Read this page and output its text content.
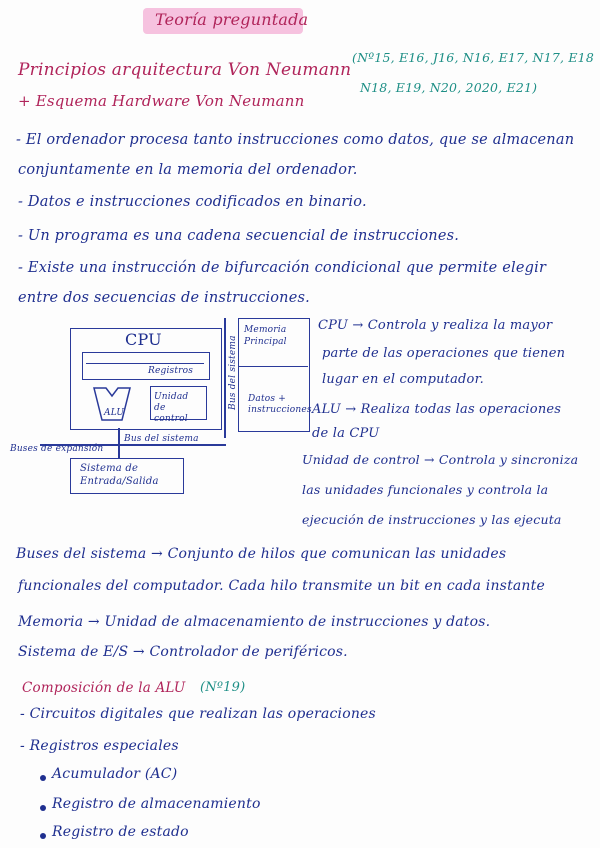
Teoría preguntada
Principios arquitectura Von Neumann
+ Esquema Hardware Von Neumann
(Nº15, E16, J16, N16, E17, N17, E18
N18, E19, N20, 2020, E21)
- El ordenador procesa tanto instrucciones como datos, que se almacenan
conjuntamente en la memoria del ordenador.
- Datos e instrucciones codificados en binario.
- Un programa es una cadena secuencial de instrucciones.
- Existe una instrucción de bifurcación condicional que permite elegir
entre dos secuencias de instrucciones.
CPU
Registros
ALU
Unidad de control
Memoria Principal
Datos + instrucciones
Bus del sistema
Buses de expansión
Bus del sistema
Sistema de Entrada/Salida
CPU → Controla y realiza la mayor
parte de las operaciones que tienen
lugar en el computador.
ALU → Realiza todas las operaciones
de la CPU
Unidad de control → Controla y sincroniza
las unidades funcionales y controla la
ejecución de instrucciones y las ejecuta
Buses del sistema → Conjunto de hilos que comunican las unidades
funcionales del computador. Cada hilo transmite un bit en cada instante
Memoria → Unidad de almacenamiento de instrucciones y datos.
Sistema de E/S → Controlador de periféricos.
Composición de la ALU (Nº19)
- Circuitos digitales que realizan las operaciones
- Registros especiales
Acumulador (AC)
Registro de almacenamiento
Registro de estado
